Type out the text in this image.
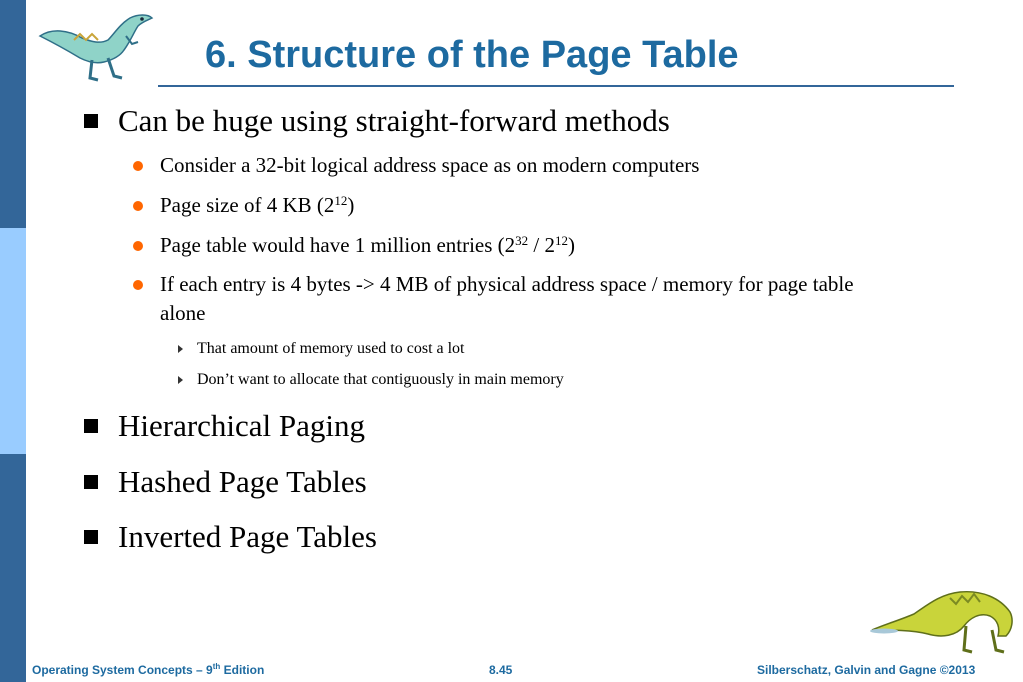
6. Structure of the Page Table

Can be huge using straight-forward methods

Consider a 32-bit logical address space as on modern computers

Page size of 4 KB $(2^{12})$

Page table would have 1 million entries $(2^{32} / 2^{12})$

If each entry is 4 bytes -> 4 MB of physical address space / memory for page table alone

That amount of memory used to cost a lot

Don’t want to allocate that contiguously in main memory

Hierarchical Paging

Hashed Page Tables

Inverted Page Tables

Operating System Concepts – 9th Edition	8.45	Silberschatz, Galvin and Gagne ©2013
